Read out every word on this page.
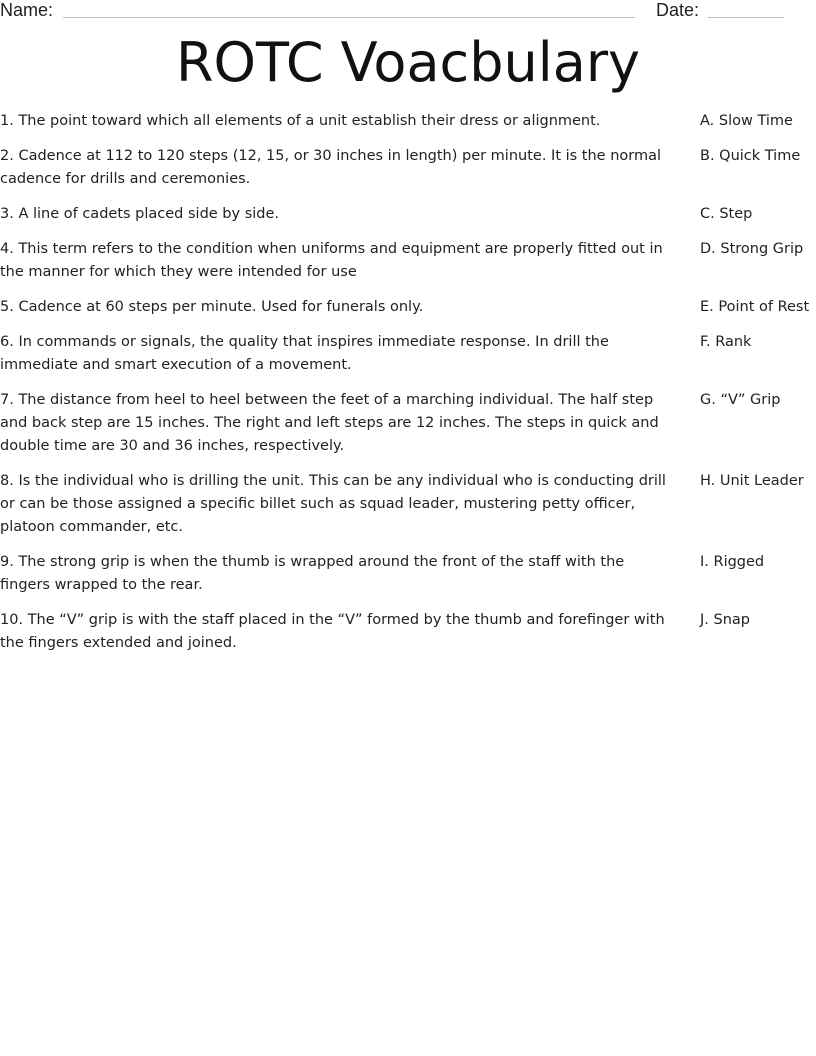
Name:	Date:
ROTC Voacbulary
1. The point toward which all elements of a unit establish their dress or alignment.	A. Slow Time
2. Cadence at 112 to 120 steps (12, 15, or 30 inches in length) per minute. It is the normal cadence for drills and ceremonies.
B. Quick Time
3. A line of cadets placed side by side.	C. Step
4. This term refers to the condition when uniforms and equipment are properly fitted out in the manner for which they were intended for use
D. Strong Grip
5. Cadence at 60 steps per minute. Used for funerals only.	E. Point of Rest
6. In commands or signals, the quality that inspires immediate response. In drill the immediate and smart execution of a movement.
F. Rank
7. The distance from heel to heel between the feet of a marching individual. The half step and back step are 15 inches. The right and left steps are 12 inches. The steps in quick and double time are 30 and 36 inches, respectively.
G. “V” Grip
8. Is the individual who is drilling the unit. This can be any individual who is conducting drill or can be those assigned a specific billet such as squad leader, mustering petty officer, platoon commander, etc.
H. Unit Leader
9. The strong grip is when the thumb is wrapped around the front of the staff with the fingers wrapped to the rear.
I. Rigged
10. The “V” grip is with the staff placed in the “V” formed by the thumb and forefinger with the fingers extended and joined.
J. Snap
